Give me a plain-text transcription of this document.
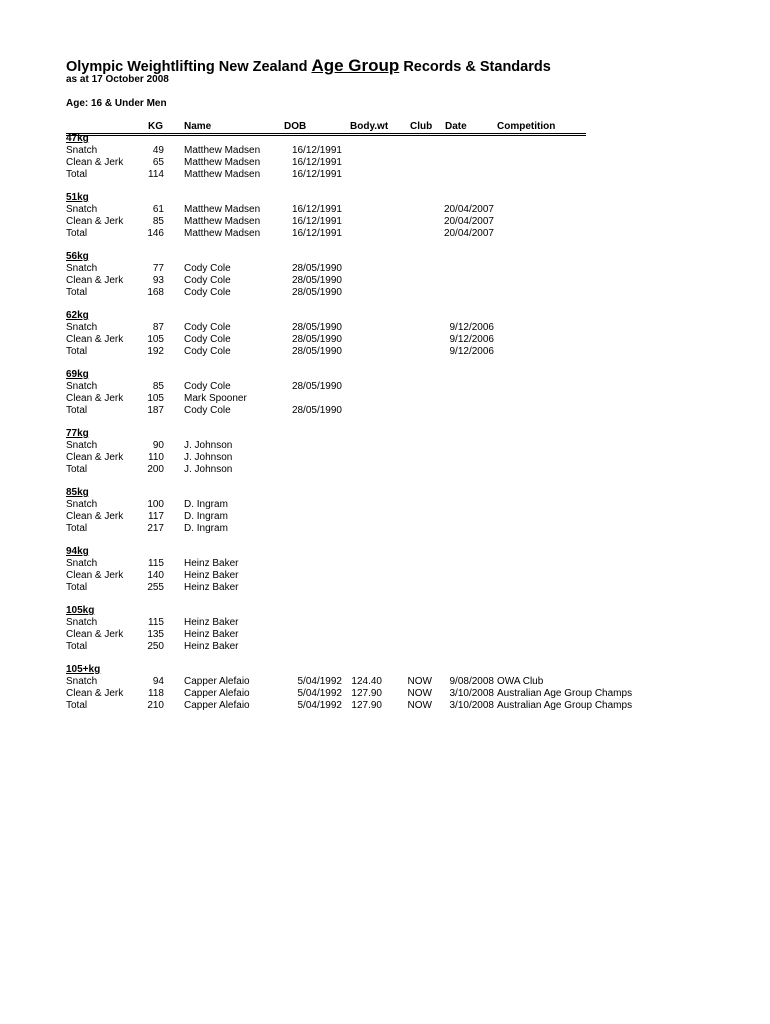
Olympic Weightlifting New Zealand Age Group Records & Standards
as at 17 October 2008
Age: 16 & Under Men
KG Name	DOB	Body.wt Club Date	Competition
47kg
Snatch	49 Matthew Madsen	16/12/1991
Clean & Jerk	65 Matthew Madsen	16/12/1991
Total	114 Matthew Madsen	16/12/1991
51kg
Snatch	61 Matthew Madsen	16/12/1991	20/04/2007
Clean & Jerk	85 Matthew Madsen	16/12/1991	20/04/2007
Total	146 Matthew Madsen	16/12/1991	20/04/2007
56kg
Snatch	77 Cody Cole	28/05/1990
Clean & Jerk	93 Cody Cole	28/05/1990
Total	168 Cody Cole	28/05/1990
62kg
Snatch	87 Cody Cole	28/05/1990	9/12/2006
Clean & Jerk	105 Cody Cole	28/05/1990	9/12/2006
Total	192 Cody Cole	28/05/1990	9/12/2006
69kg
Snatch	85 Cody Cole	28/05/1990
Clean & Jerk	105 Mark Spooner
Total	187 Cody Cole	28/05/1990
77kg
Snatch	90 J. Johnson
Clean & Jerk	110 J. Johnson
Total	200 J. Johnson
85kg
Snatch	100 D. Ingram
Clean & Jerk	117 D. Ingram
Total	217 D. Ingram
94kg
Snatch	115 Heinz Baker
Clean & Jerk	140 Heinz Baker
Total	255 Heinz Baker
105kg
Snatch	115 Heinz Baker
Clean & Jerk	135 Heinz Baker
Total	250 Heinz Baker
105+kg
Snatch	94 Capper Alefaio	5/04/1992 124.40	NOW	9/08/2008 OWA Club
Clean & Jerk	118 Capper Alefaio	5/04/1992 127.90	NOW	3/10/2008 Australian Age Group Champs
Total	210 Capper Alefaio	5/04/1992 127.90	NOW	3/10/2008 Australian Age Group Champs
